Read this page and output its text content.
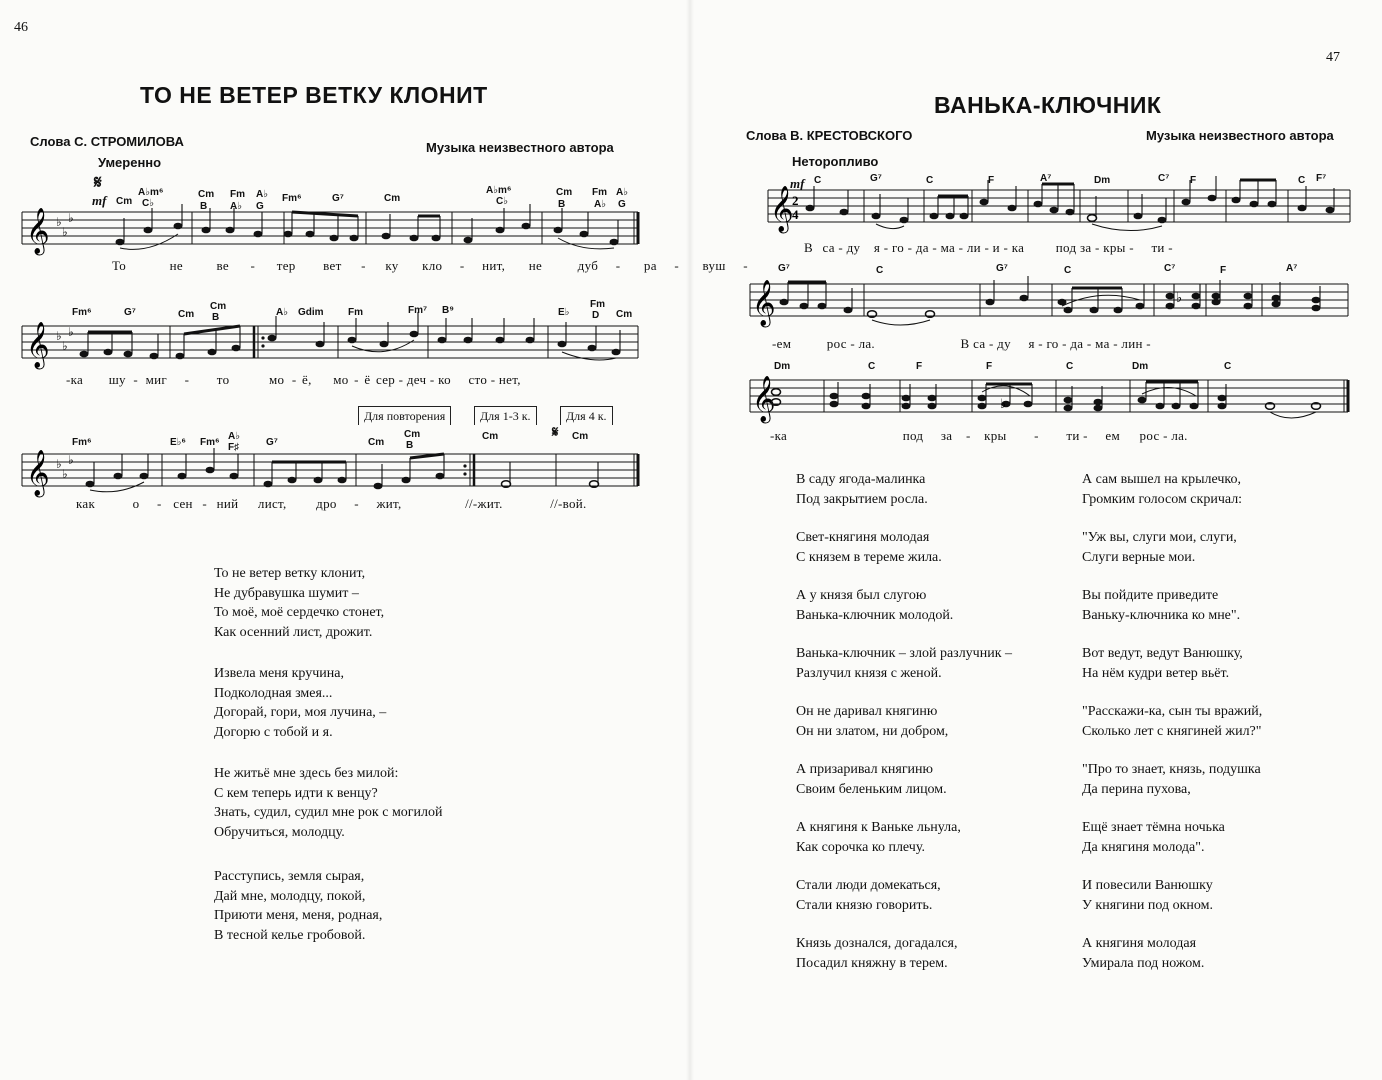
46
ТО НЕ ВЕТЕР ВЕТКУ КЛОНИТ
Слова С. СТРОМИЛОВА	Музыка неизвестного автора
Умеренно
𝄋
mf Cm
A♭m⁶
C♭
Cm
B
Fm
A♭
A♭
G
Fm⁶	G⁷	Cm
A♭m⁶
C♭
Cm
B
Fm
A♭
A♭
G
𝄞 ♭
♭
♭
То	не	ве - тер вет - ку кло - нит, не	дуб - ра - вуш -
Fm⁶	G⁷	Cm
Cm
B	A♭ Gdim Fm	Fm⁷ B⁹	E♭
Fm
D Cm
𝄞 ♭
♭
♭
-ка шу - миг - то	мо - ё, мо - ё сер - деч - ко сто - нет,
Для повторения	Для 1-3 к.	Для 4 к.
Fm⁶	E♭⁶ Fm⁶
A♭
F♯	G⁷	Cm
Cm
B
Cm	Cm
𝄋
𝄞 ♭
♭
♭
как	о - сен - ний лист, дро - жит,	//-жит.	//-вой.
То не ветер ветку клонит,
Не дубравушка шумит –
То моё, моё сердечко стонет,
Как осенний лист, дрожит.
Извела меня кручина,
Подколодная змея...
Догорай, гори, моя лучина, –
Догорю с тобой и я.
Не житьё мне здесь без милой:
С кем теперь идти к венцу?
Знать, судил, судил мне рок с могилой
Обручиться, молодцу.
Расступись, земля сырая,
Дай мне, молодцу, покой,
Приюти меня, меня, родная,
В тесной келье гробовой.
47
ВАНЬКА-КЛЮЧНИК
Слова В. КРЕСТОВСКОГО	Музыка неизвестного автора
Неторопливо
mf C	G⁷	C	F	A⁷	Dm	C⁷ F	C F⁷
𝄞
2
4
В са - ду я - го - да - ма - ли - и - ка под за - кры - ти -
G⁷	C	G⁷	C	C⁷	F	A⁷
𝄞	♭
-ем	рос - ла.	В са - ду я - го - да - ма - лин -
Dm	C	F	F	C	Dm	C
𝄞	♭
-ка	под за - кры - ти - ем рос - ла.
В саду ягода-малинка
Под закрытием росла.
Свет-княгиня молодая
С князем в тереме жила.
А у князя был слугою
Ванька-ключник молодой.
Ванька-ключник – злой разлучник –
Разлучил князя с женой.
Он не даривал княгиню
Он ни златом, ни добром,
А призаривал княгиню
Своим беленьким лицом.
А княгиня к Ваньке льнула,
Как сорочка ко плечу.
Стали люди домекаться,
Стали князю говорить.
Князь дознался, догадался,
Посадил княжну в терем.
А сам вышел на крылечко,
Громким голосом скричал:
"Уж вы, слуги мои, слуги,
Слуги верные мои.
Вы пойдите приведите
Ваньку-ключника ко мне".
Вот ведут, ведут Ванюшку,
На нём кудри ветер вьёт.
"Расскажи-ка, сын ты вражий,
Сколько лет с княгиней жил?"
"Про то знает, князь, подушка
Да перина пухова,
Ещё знает тёмна ночька
Да княгиня молода".
И повесили Ванюшку
У княгини под окном.
А княгиня молодая
Умирала под ножом.
